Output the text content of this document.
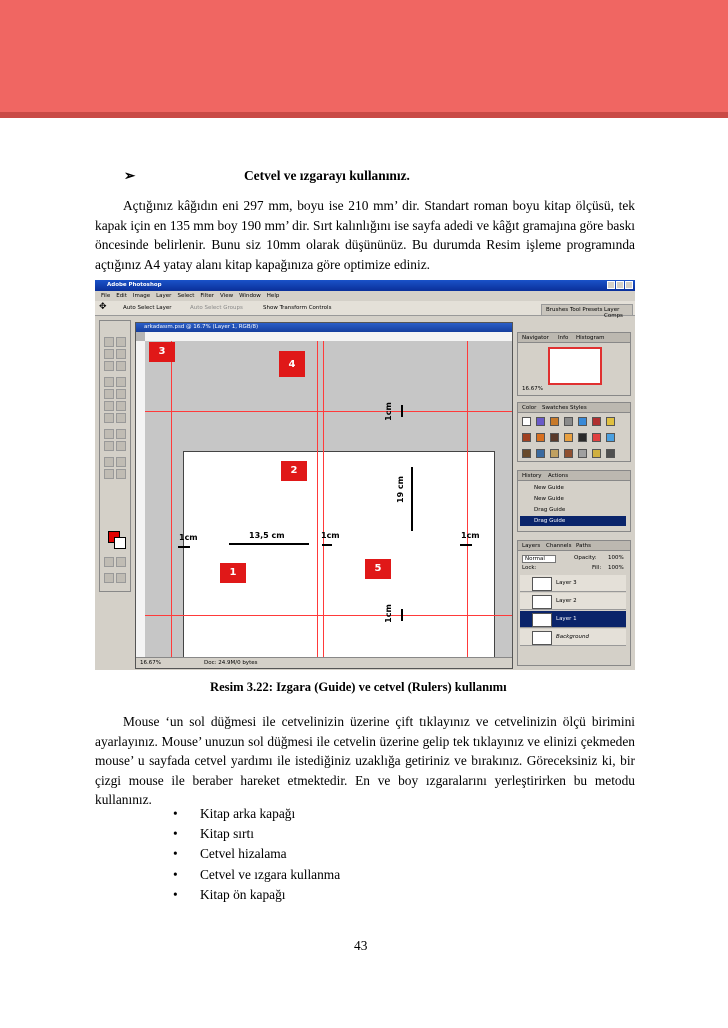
➢	Cetvel ve ızgarayı kullanınız.
Açtığınız kâğıdın eni 297 mm, boyu ise 210 mm’ dir. Standart roman boyu kitap ölçüsü, tek kapak için en 135 mm boy 190 mm’ dir. Sırt kalınlığını ise sayfa adedi ve kâğıt gramajına göre baskı öncesinde belirlenir. Bunu siz 10mm olarak düşününüz. Bu durumda Resim işleme programında açtığınız A4 yatay alanı kitap kapağınıza göre optimize ediniz.
Adobe Photoshop
File Edit Image Layer Select Filter View Window Help
✥	Auto Select Layer	Auto Select Groups	Show Transform Controls	Brushes Tool Presets Layer Comps
arkadasım.psd @ 16.7% (Layer 1, RGB/8)
3
4
2
1	5
1cm
19 cm
1cm
1cm	13,5 cm	1cm	1cm
16.67%	Doc: 24.9M/0 bytes
Navigator Info Histogram
16.67%
Color Swatches Styles
History Actions
New Guide
New Guide
Drag Guide
Drag Guide
Layers Channels Paths
Normal	Opacity: 100%
Lock:	Fill: 100%
Layer 3
Layer 2
Layer 1
Background
Resim 3.22: Izgara (Guide) ve cetvel (Rulers) kullanımı
Mouse ‘un sol düğmesi ile cetvelinizin üzerine çift tıklayınız ve cetvelinizin ölçü birimini ayarlayınız. Mouse’ unuzun sol düğmesi ile cetvelin üzerine gelip tek tıklayınız ve elinizi çekmeden mouse’ u sayfada cetvel yardımı ile istediğiniz uzaklığa getiriniz ve bırakınız. Göreceksiniz ki, bir çizgi mouse ile beraber hareket etmektedir. En ve boy ızgaralarını yerleştirirken bu metodu kullanınız.
• Kitap arka kapağı
• Kitap sırtı
• Cetvel hizalama
• Cetvel ve ızgara kullanma
• Kitap ön kapağı
43
